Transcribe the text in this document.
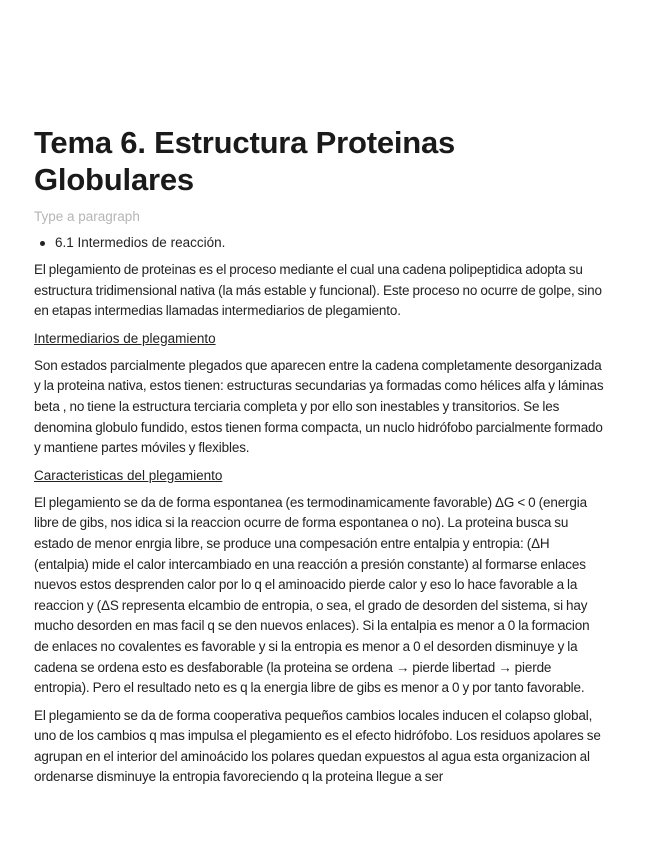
Tema 6. Estructura Proteinas Globulares
Type a paragraph
6.1 Intermedios de reacción.

El plegamiento de proteinas es el proceso mediante el cual una cadena polipeptidica adopta su estructura tridimensional nativa (la más estable y funcional). Este proceso no ocurre de golpe, sino en etapas intermedias llamadas intermediarios de plegamiento.

Intermediarios de plegamiento

Son estados parcialmente plegados que aparecen entre la cadena completamente desorganizada y la proteina nativa, estos tienen: estructuras secundarias ya formadas como hélices alfa y láminas beta , no tiene la estructura terciaria completa y por ello son inestables y transitorios. Se les denomina globulo fundido, estos tienen forma compacta, un nuclo hidrófobo parcialmente formado y mantiene partes móviles y flexibles.

Caracteristicas del plegamiento

El plegamiento se da de forma espontanea (es termodinamicamente favorable) ΔG < 0 (energia libre de gibs, nos idica si la reaccion ocurre de forma espontanea o no). La proteina busca su estado de menor enrgia libre, se produce una compesación entre entalpia y entropia: (ΔH (entalpia) mide el calor intercambiado en una reacción a presión constante) al formarse enlaces nuevos estos desprenden calor por lo q el aminoacido pierde calor y eso lo hace favorable a la reaccion y (ΔS representa elcambio de entropia, o sea, el grado de desorden del sistema, si hay mucho desorden en mas facil q se den nuevos enlaces). Si la entalpia es menor a 0 la formacion de enlaces no covalentes es favorable y si la entropia es menor a 0 el desorden disminuye y la cadena se ordena esto es desfaborable (la proteina se ordena → pierde libertad → pierde entropia). Pero el resultado neto es q la energia libre de gibs es menor a 0 y por tanto favorable.

El plegamiento se da de forma cooperativa pequeños cambios locales inducen el colapso global, uno de los cambios q mas impulsa el plegamiento es el efecto hidrófobo. Los residuos apolares se agrupan en el interior del aminoácido los polares quedan expuestos al agua esta organizacion al ordenarse disminuye la entropia favoreciendo q la proteina llegue a ser
